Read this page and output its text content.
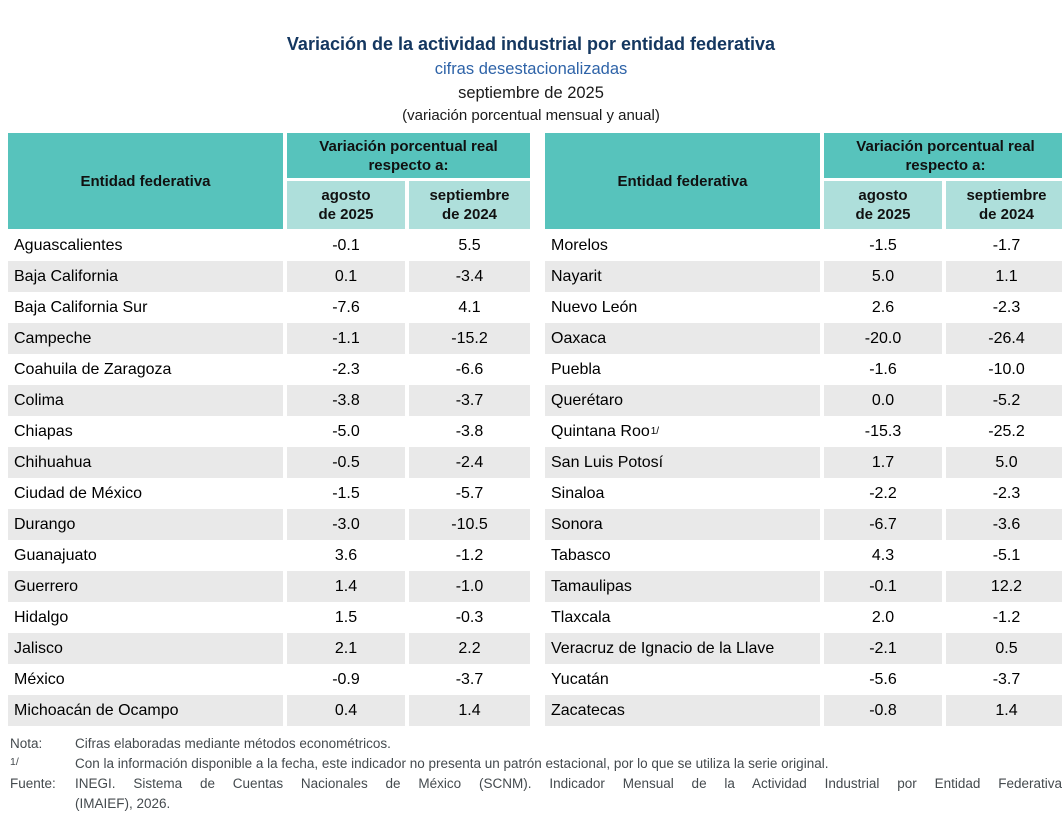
Variación de la actividad industrial por entidad federativa
cifras desestacionalizadas
septiembre de 2025
(variación porcentual mensual y anual)
Entidad federativa
Variación porcentual real respecto a:
agosto
de 2025
septiembre
de 2024
Aguascalientes	-0.1	5.5
Baja California	0.1	-3.4
Baja California Sur	-7.6	4.1
Campeche	-1.1	-15.2
Coahuila de Zaragoza	-2.3	-6.6
Colima	-3.8	-3.7
Chiapas	-5.0	-3.8
Chihuahua	-0.5	-2.4
Ciudad de México	-1.5	-5.7
Durango	-3.0	-10.5
Guanajuato	3.6	-1.2
Guerrero	1.4	-1.0
Hidalgo	1.5	-0.3
Jalisco	2.1	2.2
México	-0.9	-3.7
Michoacán de Ocampo	0.4	1.4
Entidad federativa
Variación porcentual real respecto a:
agosto
de 2025
septiembre
de 2024
Morelos	-1.5	-1.7
Nayarit	5.0	1.1
Nuevo León	2.6	-2.3
Oaxaca	-20.0	-26.4
Puebla	-1.6	-10.0
Querétaro	0.0	-5.2
Quintana Roo 1/	-15.3	-25.2
San Luis Potosí	1.7	5.0
Sinaloa	-2.2	-2.3
Sonora	-6.7	-3.6
Tabasco	4.3	-5.1
Tamaulipas	-0.1	12.2
Tlaxcala	2.0	-1.2
Veracruz de Ignacio de la Llave	-2.1	0.5
Yucatán	-5.6	-3.7
Zacatecas	-0.8	1.4
Nota:	Cifras elaboradas mediante métodos econométricos.
1/	Con la información disponible a la fecha, este indicador no presenta un patrón estacional, por lo que se utiliza la serie original.
Fuente:	INEGI. Sistema de Cuentas Nacionales de México (SCNM). Indicador Mensual de la Actividad Industrial por Entidad Federativa
(IMAIEF), 2026.
